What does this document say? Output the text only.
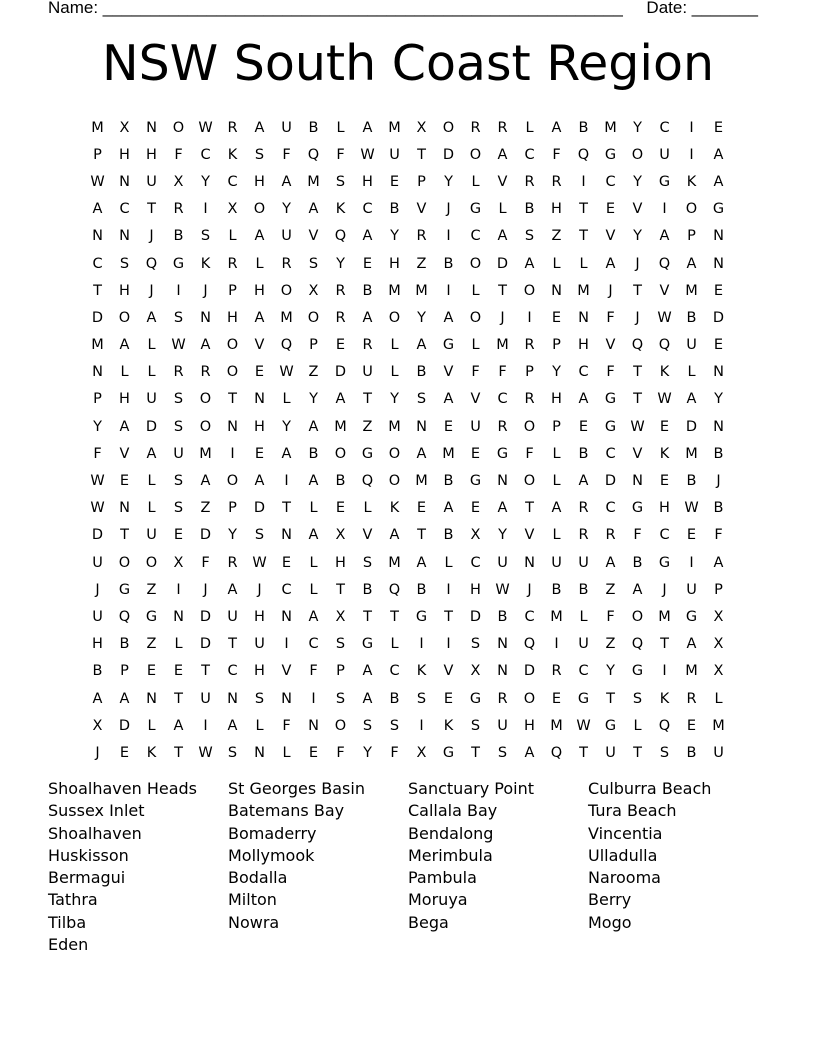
Name: _______________________________________________________     Date: _______
NSW South Coast Region
M	X	N	O W	R	A	U	B	L	A	M	X	O	R	R	L	A	B	M	Y	C	I	E
P	H	H	F	C	K	S	F	Q	F	W	U	T	D	O	A	C	F	Q	G	O	U	I	A
W N	U	X	Y	C	H	A	M	S	H	E	P	Y	L	V	R	R	I	C	Y	G	K	A
A	C	T	R	I	X	O	Y	A	K	C	B	V	J	G	L	B	H	T	E	V	I	O	G
N	N	J	B	S	L	A	U	V	Q	A	Y	R	I	C	A	S	Z	T	V	Y	A	P	N
C	S	Q	G	K	R	L	R	S	Y	E	H	Z	B	O	D	A	L	L	A	J	Q	A	N
T	H	J	I	J	P	H	O	X	R	B	M M	I	L	T	O	N	M	J	T	V	M	E
D	O	A	S	N	H	A	M	O	R	A	O	Y	A	O	J	I	E	N	F	J	W	B	D
M	A	L	W	A	O	V	Q	P	E	R	L	A	G	L	M	R	P	H	V	Q	Q	U	E
N	L	L	R	R	O	E	W	Z	D	U	L	B	V	F	F	P	Y	C	F	T	K	L	N
P	H	U	S	O	T	N	L	Y	A	T	Y	S	A	V	C	R	H	A	G	T	W	A	Y
Y	A	D	S	O	N	H	Y	A	M	Z	M	N	E	U	R	O	P	E	G W	E	D	N
F	V	A	U	M	I	E	A	B	O	G	O	A	M	E	G	F	L	B	C	V	K	M	B
W	E	L	S	A	O	A	I	A	B	Q	O	M	B	G	N	O	L	A	D	N	E	B	J
W N	L	S	Z	P	D	T	L	E	L	K	E	A	E	A	T	A	R	C	G	H W	B
D	T	U	E	D	Y	S	N	A	X	V	A	T	B	X	Y	V	L	R	R	F	C	E	F
U	O	O	X	F	R	W	E	L	H	S	M	A	L	C	U	N	U	U	A	B	G	I	A
J	G	Z	I	J	A	J	C	L	T	B	Q	B	I	H W	J	B	B	Z	A	J	U	P
U	Q	G	N	D	U	H	N	A	X	T	T	G	T	D	B	C	M	L	F	O	M	G	X
H	B	Z	L	D	T	U	I	C	S	G	L	I	I	S	N	Q	I	U	Z	Q	T	A	X
B	P	E	E	T	C	H	V	F	P	A	C	K	V	X	N	D	R	C	Y	G	I	M	X
A	A	N	T	U	N	S	N	I	S	A	B	S	E	G	R	O	E	G	T	S	K	R	L
X	D	L	A	I	A	L	F	N	O	S	S	I	K	S	U	H	M W G	L	Q	E	M
J	E	K	T	W	S	N	L	E	F	Y	F	X	G	T	S	A	Q	T	U	T	S	B	U
Shoalhaven Heads
Sussex Inlet
Shoalhaven
Huskisson
Bermagui
Tathra
Tilba
Eden
St Georges Basin
Batemans Bay
Bomaderry
Mollymook
Bodalla
Milton
Nowra
Sanctuary Point
Callala Bay
Bendalong
Merimbula
Pambula
Moruya
Bega
Culburra Beach
Tura Beach
Vincentia
Ulladulla
Narooma
Berry
Mogo
